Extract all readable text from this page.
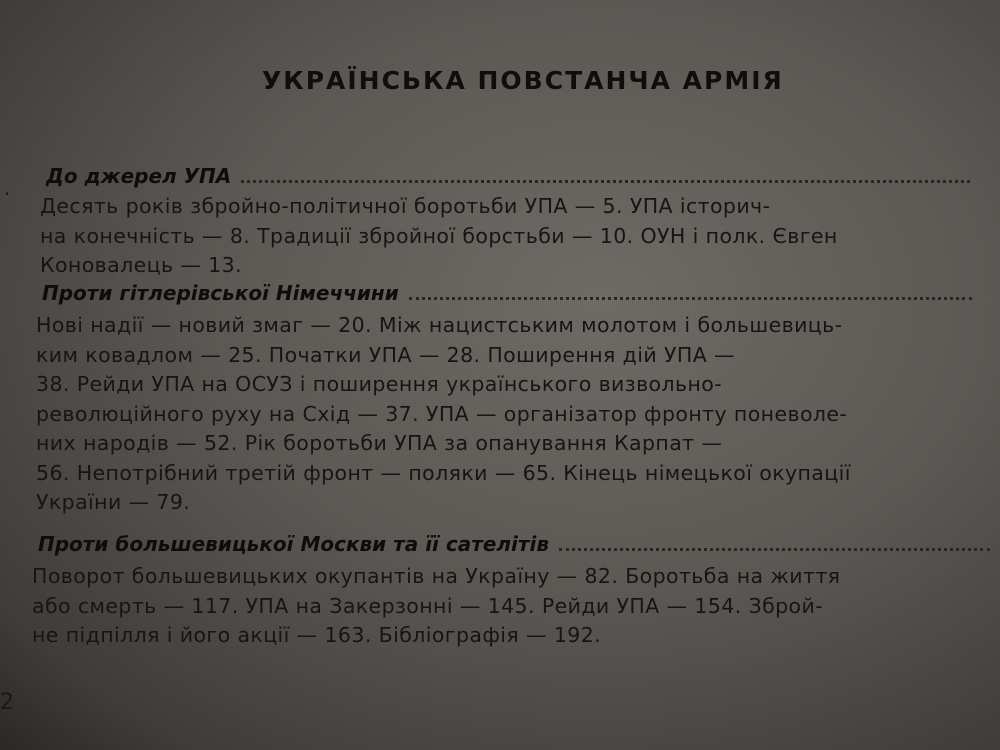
УКРАЇНСЬКА ПОВСТАНЧА АРМІЯ
. До джерел УПА
Десять років збройно-політичної боротьби УПА — 5. УПА історич-
на конечність — 8. Традиції збройної борстьби — 10. ОУН і полк. Євген
Коновалець — 13.
Проти гітлерівської Німеччини
Нові надії — новий змаг — 20. Між нацистським молотом і большевиць-
ким ковадлом — 25. Початки УПА — 28. Поширення дій УПА —
38. Рейди УПА на ОСУЗ і поширення українського визвольно-
революційного руху на Схід — 37. УПА — організатор фронту поневоле-
них народів — 52. Рік боротьби УПА за опанування Карпат —
56. Непотрібний третій фронт — поляки — 65. Кінець німецької окупації
України — 79.
Проти большевицької Москви та її сателітів
Поворот большевицьких окупантів на Україну — 82. Боротьба на життя
або смерть — 117. УПА на Закерзонні — 145. Рейди УПА — 154. Збрoй-
не підпілля і його акції — 163. Бібліографія — 192.
2
